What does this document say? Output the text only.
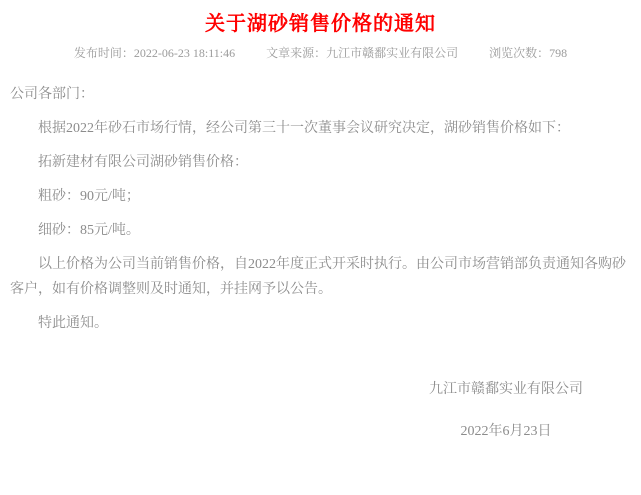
关于湖砂销售价格的通知
发布时间：2022-06-23 18:11:46	文章来源：九江市赣鄱实业有限公司	浏览次数：798

公司各部门：

根据2022年砂石市场行情，经公司第三十一次董事会议研究决定，湖砂销售价格如下：

拓新建材有限公司湖砂销售价格：

粗砂：90元/吨；

细砂：85元/吨。

以上价格为公司当前销售价格，自2022年度正式开采时执行。由公司市场营销部负责通知各购砂客户，如有价格调整则及时通知，并挂网予以公告。

特此通知。

九江市赣鄱实业有限公司
2022年6月23日
